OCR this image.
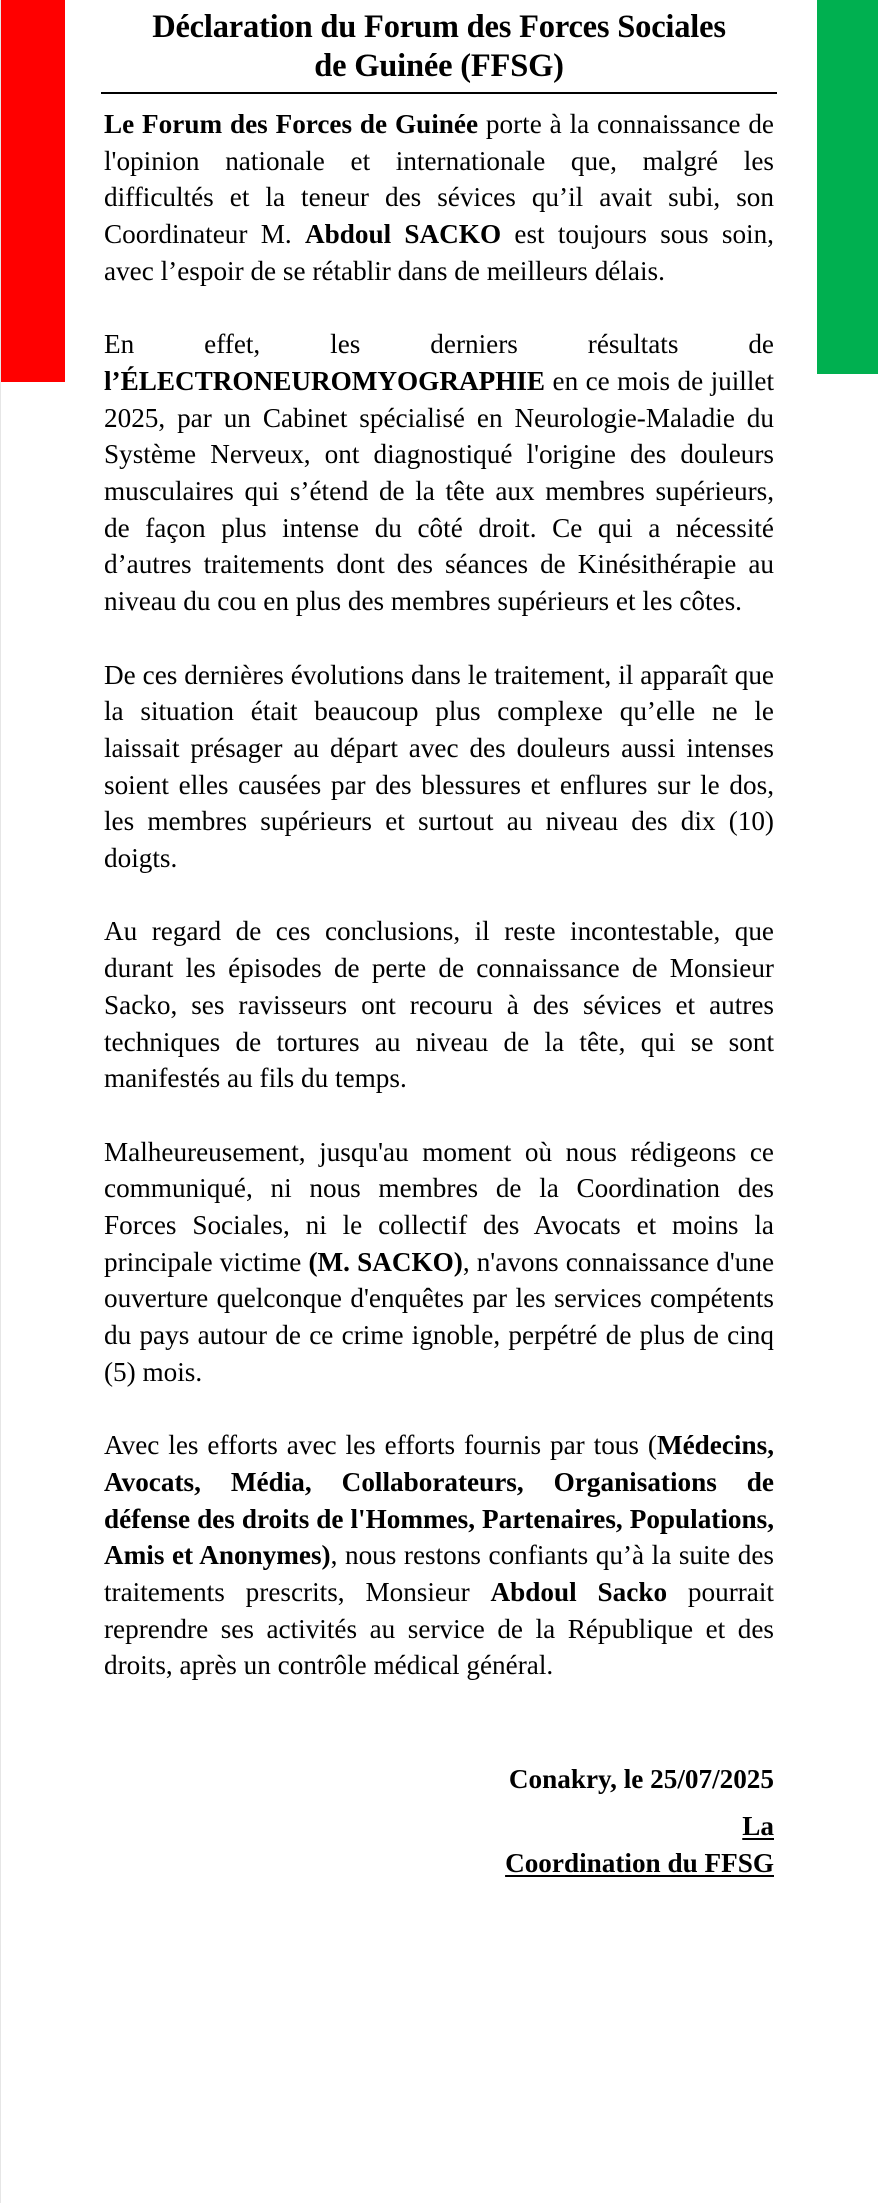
Déclaration du Forum des Forces Sociales
de Guinée (FFSG)

Le Forum des Forces de Guinée porte à la connaissance de l'opinion nationale et internationale que, malgré les difficultés et la teneur des sévices qu’il avait subi, son Coordinateur M. Abdoul SACKO est toujours sous soin, avec l’espoir de se rétablir dans de meilleurs délais.

En effet, les derniers résultats de l’ÉLECTRONEUROMYOGRAPHIE en ce mois de juillet 2025, par un Cabinet spécialisé en Neurologie-Maladie du Système Nerveux, ont diagnostiqué l'origine des douleurs musculaires qui s’étend de la tête aux membres supérieurs, de façon plus intense du côté droit. Ce qui a nécessité d’autres traitements dont des séances de Kinésithérapie au niveau du cou en plus des membres supérieurs et les côtes.

De ces dernières évolutions dans le traitement, il apparaît que la situation était beaucoup plus complexe qu’elle ne le laissait présager au départ avec des douleurs aussi intenses soient elles causées par des blessures et enflures sur le dos, les membres supérieurs et surtout au niveau des dix (10) doigts.

Au regard de ces conclusions, il reste incontestable, que durant les épisodes de perte de connaissance de Monsieur Sacko, ses ravisseurs ont recouru à des sévices et autres techniques de tortures au niveau de la tête, qui se sont manifestés au fils du temps.

Malheureusement, jusqu'au moment où nous rédigeons ce communiqué, ni nous membres de la Coordination des Forces Sociales, ni le collectif des Avocats et moins la principale victime (M. SACKO), n'avons connaissance d'une ouverture quelconque d'enquêtes par les services compétents du pays autour de ce crime ignoble, perpétré de plus de cinq (5) mois.

Avec les efforts avec les efforts fournis par tous (Médecins, Avocats, Média, Collaborateurs, Organisations de défense des droits de l'Hommes, Partenaires, Populations, Amis et Anonymes), nous restons confiants qu’à la suite des traitements prescrits, Monsieur Abdoul Sacko pourrait reprendre ses activités au service de la République et des droits, après un contrôle médical général.

Conakry, le 25/07/2025
La
Coordination du FFSG
